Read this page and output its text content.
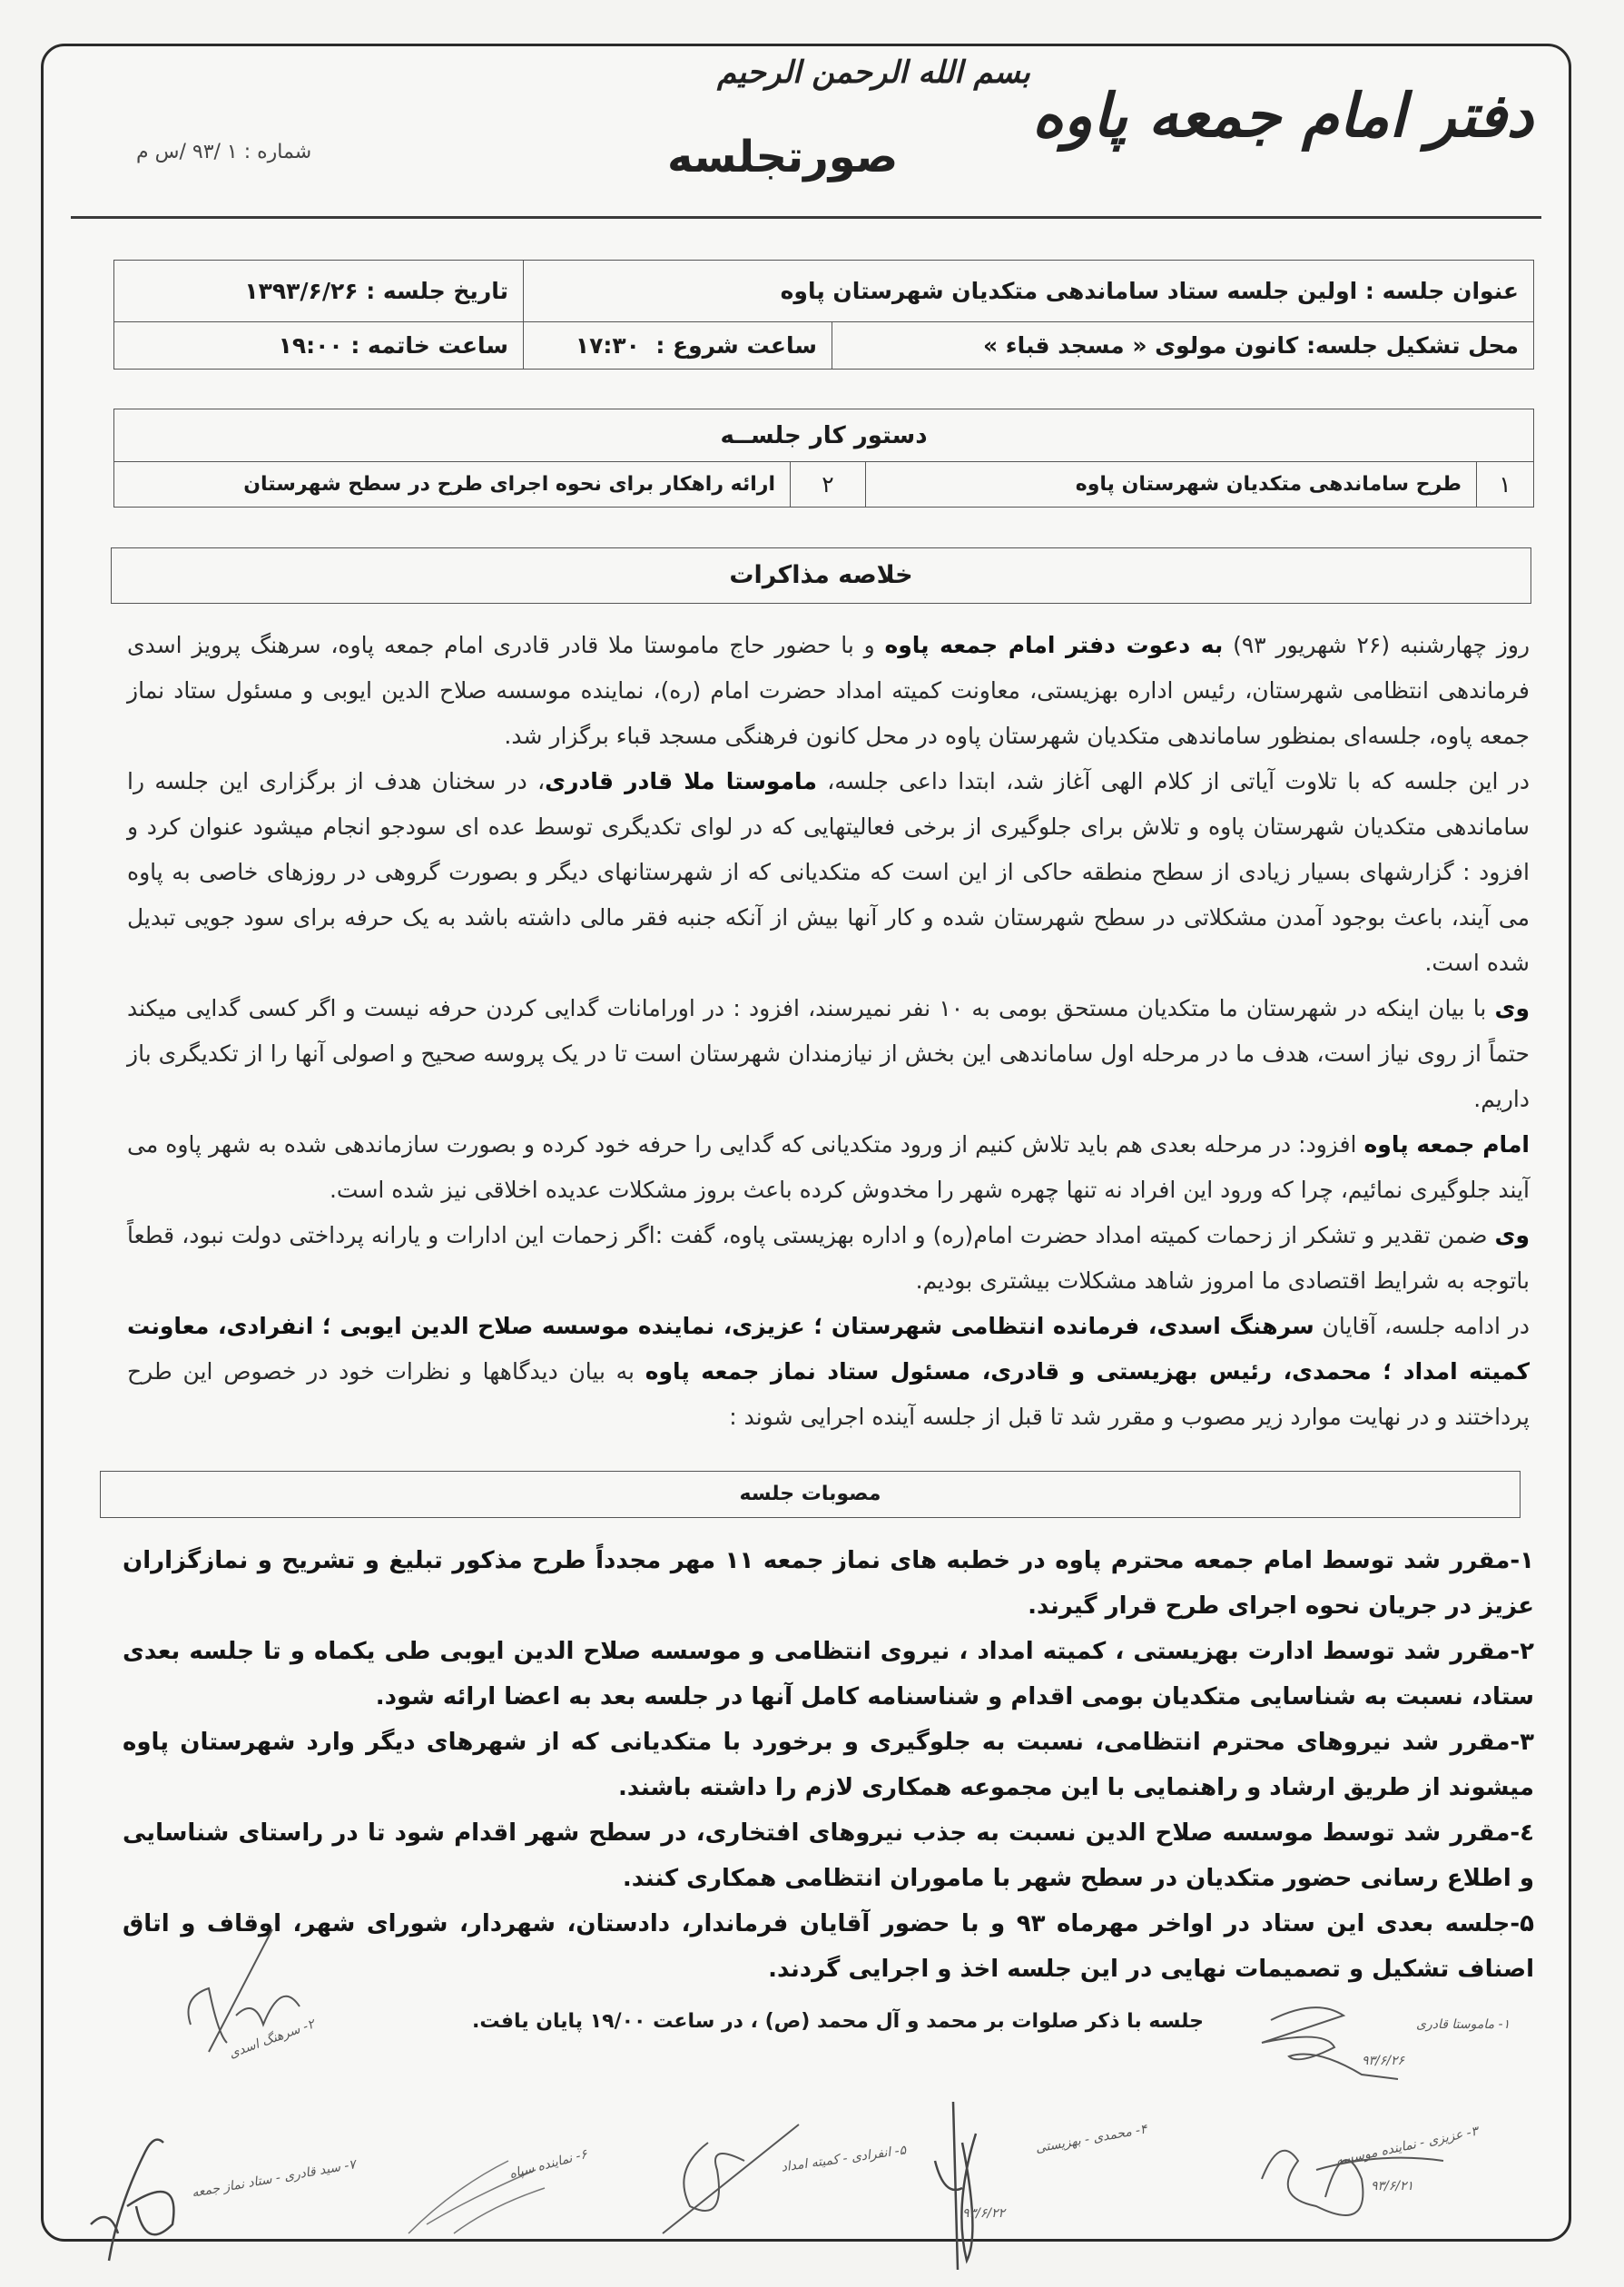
دفتر امام جمعه پاوه
بسم الله الرحمن الرحیم
صورتجلسه
شماره : ۱ /۹۳ /س م
عنوان جلسه : اولین جلسه ستاد ساماندهی متکدیان شهرستان پاوه		تاریخ جلسه : ۱۳۹۳/۶/۲۶
محل تشکیل جلسه: کانون مولوی « مسجد قباء »	ساعت شروع :  ۱۷:۳۰	ساعت خاتمه : ۱۹:۰۰
دستور کار جلســه
۱	طرح ساماندهی متکدیان شهرستان پاوه	۲	ارائه راهکار برای نحوه اجرای طرح در سطح شهرستان
خلاصه مذاکرات

روز چهارشنبه (۲۶ شهریور ۹۳) به دعوت دفتر امام جمعه پاوه و با حضور حاج ماموستا ملا قادر قادری امام جمعه پاوه، سرهنگ پرویز اسدی فرماندهی انتظامی شهرستان، رئیس اداره بهزیستی، معاونت کمیته امداد حضرت امام (ره)، نماینده موسسه صلاح الدین ایوبی و مسئول ستاد نماز جمعه پاوه، جلسه‌ای بمنظور ساماندهی متکدیان شهرستان پاوه در محل کانون فرهنگی مسجد قباء برگزار شد.

در این جلسه که با تلاوت آیاتی از کلام الهی آغاز شد، ابتدا داعی جلسه، ماموستا ملا قادر قادری، در سخنان هدف از برگزاری این جلسه را ساماندهی متکدیان شهرستان پاوه و تلاش برای جلوگیری از برخی فعالیتهایی که در لوای تکدیگری توسط عده ای سودجو انجام میشود عنوان کرد و افزود : گزارشهای بسیار زیادی از سطح منطقه حاکی از این است که متکدیانی که از شهرستانهای دیگر و بصورت گروهی در روزهای خاصی به پاوه می آیند، باعث بوجود آمدن مشکلاتی در سطح شهرستان شده و کار آنها بیش از آنکه جنبه فقر مالی داشته باشد به یک حرفه برای سود جویی تبدیل شده است.

وی با بیان اینکه در شهرستان ما متکدیان مستحق بومی به ۱۰ نفر نمیرسند، افزود : در اورامانات گدایی کردن حرفه نیست و اگر کسی گدایی میکند حتماً از روی نیاز است، هدف ما در مرحله اول ساماندهی این بخش از نیازمندان شهرستان است تا در یک پروسه صحیح و اصولی آنها را از تکدیگری باز داریم.

امام جمعه پاوه افزود: در مرحله بعدی هم باید تلاش کنیم از ورود متکدیانی که گدایی را حرفه خود کرده و بصورت سازماندهی شده به شهر پاوه می آیند جلوگیری نمائیم، چرا که ورود این افراد نه تنها چهره شهر را مخدوش کرده باعث بروز مشکلات عدیده اخلاقی نیز شده است.

وی ضمن تقدیر و تشکر از زحمات کمیته امداد حضرت امام(ره) و اداره بهزیستی پاوه، گفت :اگر زحمات این ادارات و یارانه پرداختی دولت نبود، قطعاً باتوجه به شرایط اقتصادی ما امروز شاهد مشکلات بیشتری بودیم.

در ادامه جلسه، آقایان سرهنگ اسدی، فرمانده انتظامی شهرستان ؛ عزیزی، نماینده موسسه صلاح الدین ایوبی ؛ انفرادی، معاونت کمیته امداد ؛ محمدی، رئیس بهزیستی و قادری، مسئول ستاد نماز جمعه پاوه به بیان دیدگاهها و نظرات خود در خصوص این طرح پرداختند و در نهایت موارد زیر مصوب و مقرر شد تا قبل از جلسه آینده اجرایی شوند :

مصوبات جلسه

۱-مقرر شد توسط امام جمعه محترم پاوه در خطبه های نماز جمعه ۱۱ مهر مجدداً طرح مذکور تبلیغ و تشریح و نمازگزاران عزیز در جریان نحوه اجرای طرح قرار گیرند.

۲-مقرر شد توسط ادارت بهزیستی ، کمیته امداد ، نیروی انتظامی و موسسه صلاح الدین ایوبی طی یکماه و تا جلسه بعدی ستاد، نسبت به شناسایی متکدیان بومی اقدام و شناسنامه کامل آنها در جلسه بعد به اعضا ارائه شود.

۳-مقرر شد نیروهای محترم انتظامی، نسبت به جلوگیری و برخورد با متکدیانی که از شهرهای دیگر وارد شهرستان پاوه میشوند از طریق ارشاد و راهنمایی با این مجموعه همکاری لازم را داشته باشند.

٤-مقرر شد توسط موسسه صلاح الدین نسبت به جذب نیروهای افتخاری، در سطح شهر اقدام شود تا در راستای شناسایی و اطلاع رسانی حضور متکدیان در سطح شهر با ماموران انتظامی همکاری کنند.

۵-جلسه بعدی این ستاد در اواخر مهرماه ۹۳ و با حضور آقایان فرماندار، دادستان، شهردار، شورای شهر، اوقاف و اتاق اصناف تشکیل و تصمیمات نهایی در این جلسه اخذ و اجرایی گردند.

جلسه با ذکر صلوات بر محمد و آل محمد (ص) ، در ساعت ۱۹/۰۰ پایان یافت.	۱- ماموستا قادری
۹۳/۶/۲۶
۲- سرهنگ اسدی
۳- عزیزی - نماینده موسسه
۹۳/۶/۲۱
۴- محمدی - بهزیستی
۹۳/۶/۲۲
۵- انفرادی - کمیته امداد
۶- نماینده سپاه
۷- سید قادری - ستاد نماز جمعه
